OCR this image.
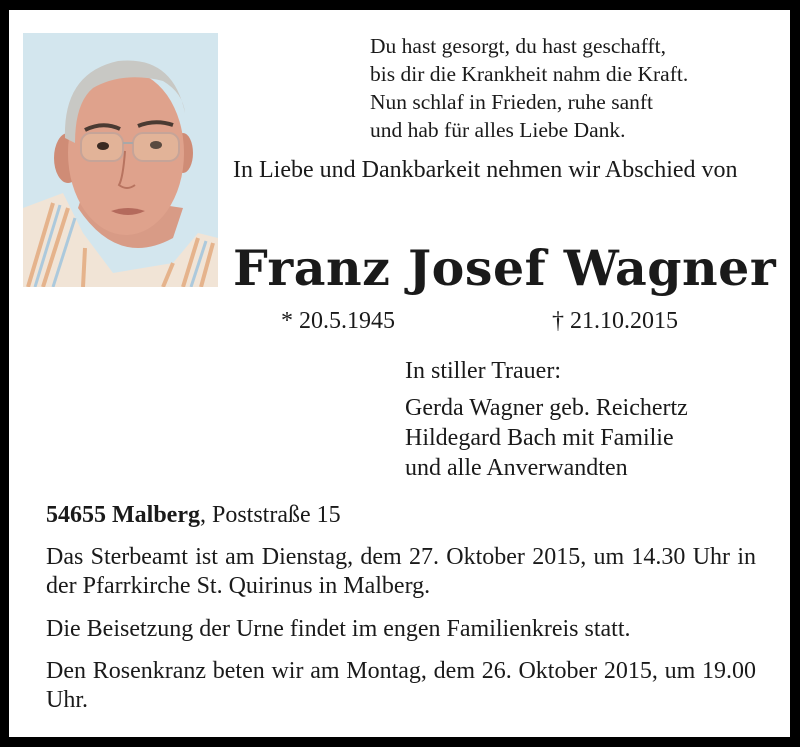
Du hast gesorgt, du hast geschafft,
bis dir die Krankheit nahm die Kraft.
Nun schlaf in Frieden, ruhe sanft
und hab für alles Liebe Dank.
In Liebe und Dankbarkeit nehmen wir Abschied von
Franz Josef Wagner
* 20.5.1945	† 21.10.2015
In stiller Trauer:
Gerda Wagner geb. Reichertz
Hildegard Bach mit Familie
und alle Anverwandten
54655 Malberg, Poststraße 15
Das Sterbeamt ist am Dienstag, dem 27. Oktober 2015, um 14.30 Uhr in der Pfarrkirche St. Quirinus in Malberg.
Die Beisetzung der Urne findet im engen Familienkreis statt.
Den Rosenkranz beten wir am Montag, dem 26. Oktober 2015, um 19.00 Uhr.
